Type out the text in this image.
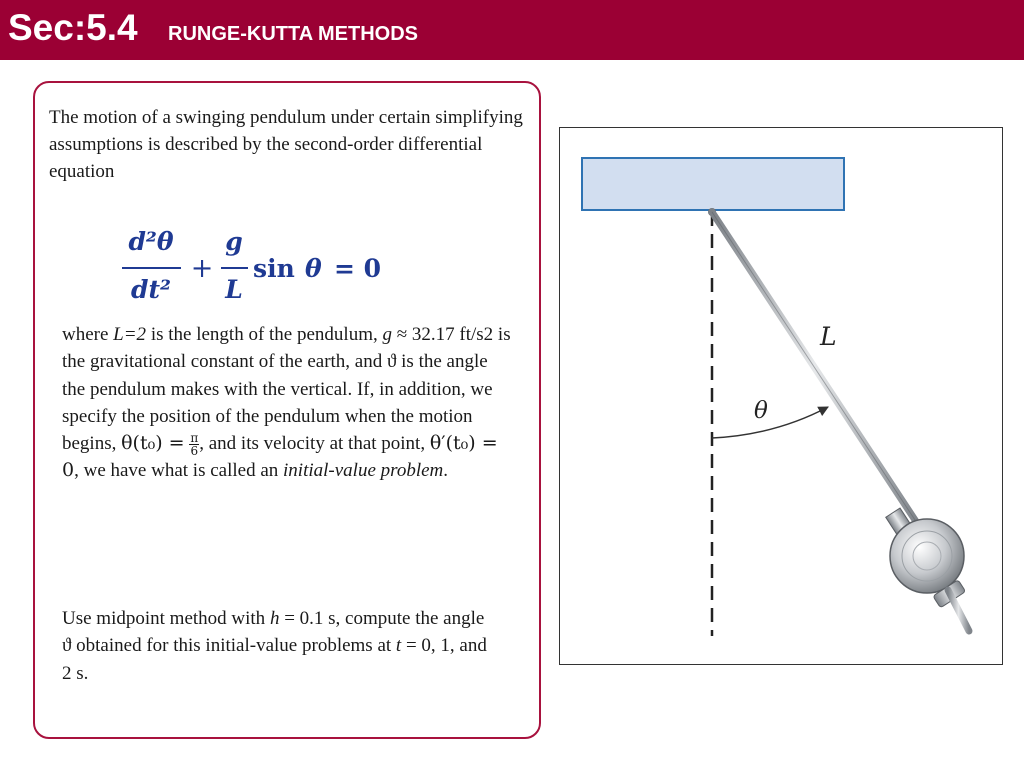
Sec:5.4 RUNGE-KUTTA METHODS
The motion of a swinging pendulum under certain simplifying assumptions is described by the second-order differential equation
d²θ
dt²
+
g
L
sin θ = 0
where L=2 is the length of the pendulum, g ≈ 32.17 ft/s2 is the gravitational constant of the earth, and ϑ is the angle the pendulum makes with the vertical. If, in addition, we specify the position of the pendulum when the motion begins, $\theta(t_0) = \frac{\pi}{6}$ , and its velocity at that point, θ′(t₀) = 0, we have what is called an initial-value problem.
Use midpoint method with h = 0.1 s, compute the angle ϑ obtained for this initial-value problems at t = 0, 1, and 2 s.
L
θ
